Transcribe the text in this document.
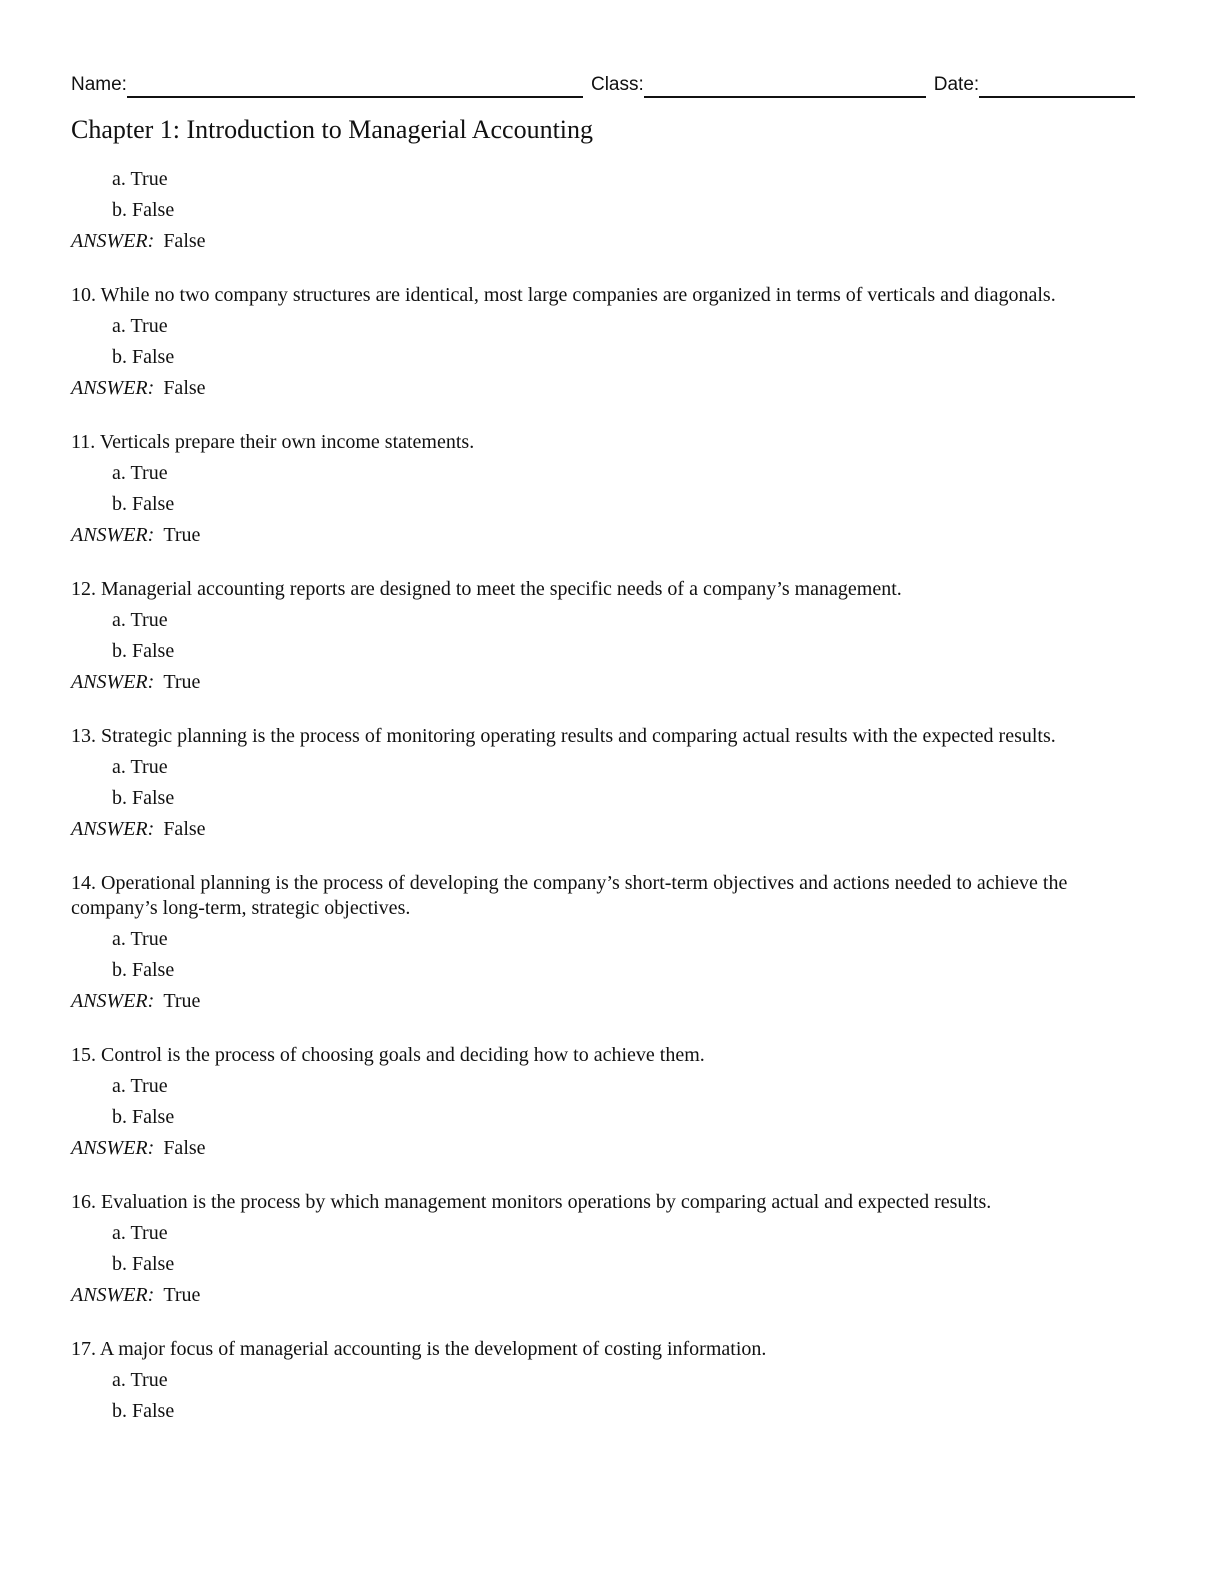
Name:	Class:	Date:
Chapter 1: Introduction to Managerial Accounting
a. True
b. False
ANSWER: False

10. While no two company structures are identical, most large companies are organized in terms of verticals and diagonals.

a. True
b. False
ANSWER: False

11. Verticals prepare their own income statements.

a. True
b. False
ANSWER: True

12. Managerial accounting reports are designed to meet the specific needs of a company’s management.

a. True
b. False
ANSWER: True

13. Strategic planning is the process of monitoring operating results and comparing actual results with the expected results.

a. True
b. False
ANSWER: False

14. Operational planning is the process of developing the company’s short-term objectives and actions needed to achieve the company’s long-term, strategic objectives.

a. True
b. False
ANSWER: True

15. Control is the process of choosing goals and deciding how to achieve them.

a. True
b. False
ANSWER: False

16. Evaluation is the process by which management monitors operations by comparing actual and expected results.

a. True
b. False
ANSWER: True

17. A major focus of managerial accounting is the development of costing information.

a. True
b. False
